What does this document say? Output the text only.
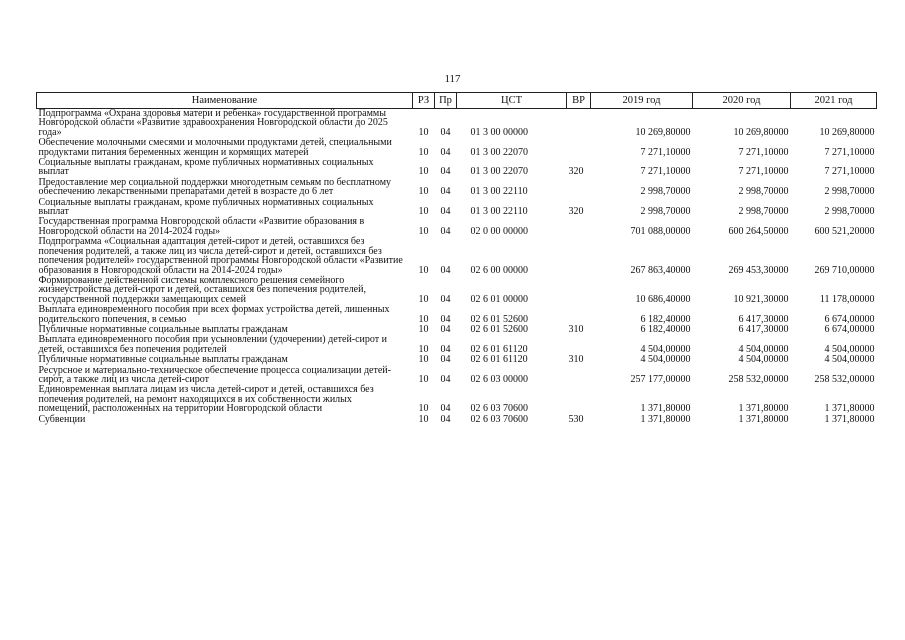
117
Наименование	РЗ	Пр	ЦСТ	ВР	2019 год	2020 год	2021 год
Подпрограмма «Охрана здоровья матери и ребенка» государственной программы Новгородской области «Развитие здравоохранения Новгородской области до 2025 года»	10	04	01 3 00 00000		10 269,80000	10 269,80000	10 269,80000
Обеспечение молочными смесями и молочными продуктами детей, специальными продуктами питания беременных женщин и кормящих матерей	10	04	01 3 00 22070		7 271,10000	7 271,10000	7 271,10000
Социальные выплаты гражданам, кроме публичных нормативных социальных выплат	10	04	01 3 00 22070	320	7 271,10000	7 271,10000	7 271,10000
Предоставление мер социальной поддержки многодетным семьям по бесплатному обеспечению лекарственными препаратами детей в возрасте до 6 лет	10	04	01 3 00 22110		2 998,70000	2 998,70000	2 998,70000
Социальные выплаты гражданам, кроме публичных нормативных социальных выплат	10	04	01 3 00 22110	320	2 998,70000	2 998,70000	2 998,70000
Государственная программа Новгородской области «Развитие образования в Новгородской области на 2014-2024 годы»	10	04	02 0 00 00000		701 088,00000	600 264,50000	600 521,20000
Подпрограмма «Социальная адаптация детей-сирот и детей, оставшихся без попечения родителей, а также лиц из числа детей-сирот и детей, оставшихся без попечения родителей» государственной программы Новгородской области «Развитие образования в Новгородской области на 2014-2024 годы»	10	04	02 6 00 00000		267 863,40000	269 453,30000	269 710,00000
Формирование действенной системы комплексного решения семейного жизнеустройства детей-сирот и детей, оставшихся без попечения родителей, государственной поддержки замещающих семей	10	04	02 6 01 00000		10 686,40000	10 921,30000	11 178,00000
Выплата единовременного пособия при всех формах устройства детей, лишенных родительского попечения, в семью	10	04	02 6 01 52600		6 182,40000	6 417,30000	6 674,00000
Публичные нормативные социальные выплаты гражданам	10	04	02 6 01 52600	310	6 182,40000	6 417,30000	6 674,00000
Выплата единовременного пособия при усыновлении (удочерении) детей-сирот и детей, оставшихся без попечения родителей	10	04	02 6 01 61120		4 504,00000	4 504,00000	4 504,00000
Публичные нормативные социальные выплаты гражданам	10	04	02 6 01 61120	310	4 504,00000	4 504,00000	4 504,00000
Ресурсное и материально-техническое обеспечение процесса социализации детей-сирот, а также лиц из числа детей-сирот	10	04	02 6 03 00000		257 177,00000	258 532,00000	258 532,00000
Единовременная выплата лицам из числа детей-сирот и детей, оставшихся без попечения родителей, на ремонт находящихся в их собственности жилых помещений, расположенных на территории Новгородской области	10	04	02 6 03 70600		1 371,80000	1 371,80000	1 371,80000
Субвенции	10	04	02 6 03 70600	530	1 371,80000	1 371,80000	1 371,80000
